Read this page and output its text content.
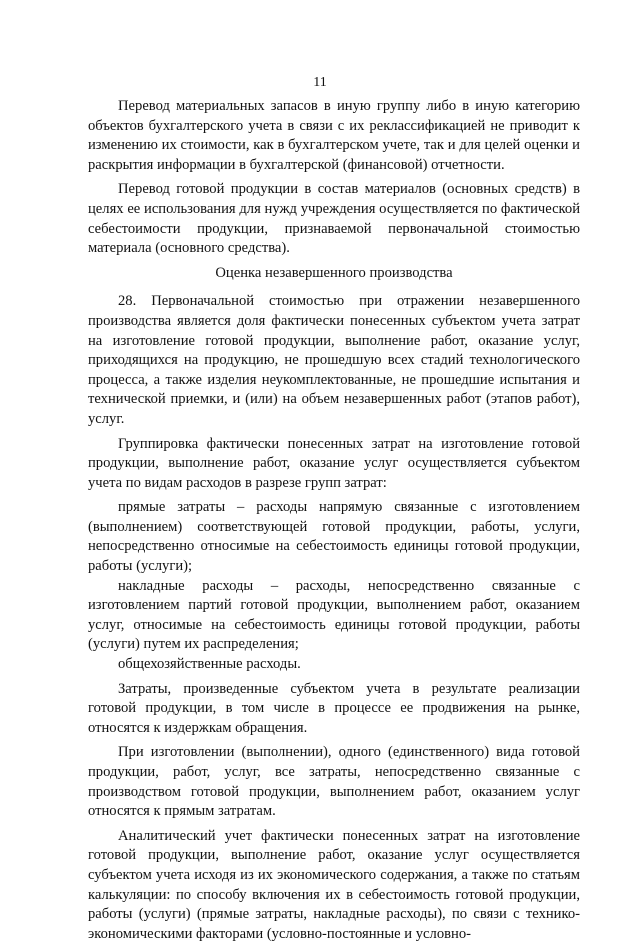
11

Перевод материальных запасов в иную группу либо в иную категорию объектов бухгалтерского учета в связи с их реклассификацией не приводит к изменению их стоимости, как в бухгалтерском учете, так и для целей оценки и раскрытия информации в бухгалтерской (финансовой) отчетности.

Перевод готовой продукции в состав материалов (основных средств) в целях ее использования для нужд учреждения осуществляется по фактической себестоимости продукции, признаваемой первоначальной стоимостью материала (основного средства).

Оценка незавершенного производства

28. Первоначальной стоимостью при отражении незавершенного производства является доля фактически понесенных субъектом учета затрат на изготовление готовой продукции, выполнение работ, оказание услуг, приходящихся на продукцию, не прошедшую всех стадий технологического процесса, а также изделия неукомплектованные, не прошедшие испытания и технической приемки, и (или) на объем незавершенных работ (этапов работ), услуг.

Группировка фактически понесенных затрат на изготовление готовой продукции, выполнение работ, оказание услуг осуществляется субъектом учета по видам расходов в разрезе групп затрат:

прямые затраты – расходы напрямую связанные с изготовлением (выполнением) соответствующей готовой продукции, работы, услуги, непосредственно относимые на себестоимость единицы готовой продукции, работы (услуги);

накладные расходы – расходы, непосредственно связанные с изготовлением партий готовой продукции, выполнением работ, оказанием услуг, относимые на себестоимость единицы готовой продукции, работы (услуги) путем их распределения;

общехозяйственные расходы.

Затраты, произведенные субъектом учета в результате реализации готовой продукции, в том числе в процессе ее продвижения на рынке, относятся к издержкам обращения.

При изготовлении (выполнении), одного (единственного) вида готовой продукции, работ, услуг, все затраты, непосредственно связанные с производством готовой продукции, выполнением работ, оказанием услуг относятся к прямым затратам.

Аналитический учет фактически понесенных затрат на изготовление готовой продукции, выполнение работ, оказание услуг осуществляется субъектом учета исходя из их экономического содержания, а также по статьям калькуляции: по способу включения их в себестоимость готовой продукции, работы (услуги) (прямые затраты, накладные расходы), по связи с технико-экономическими факторами (условно-постоянные и условно-
